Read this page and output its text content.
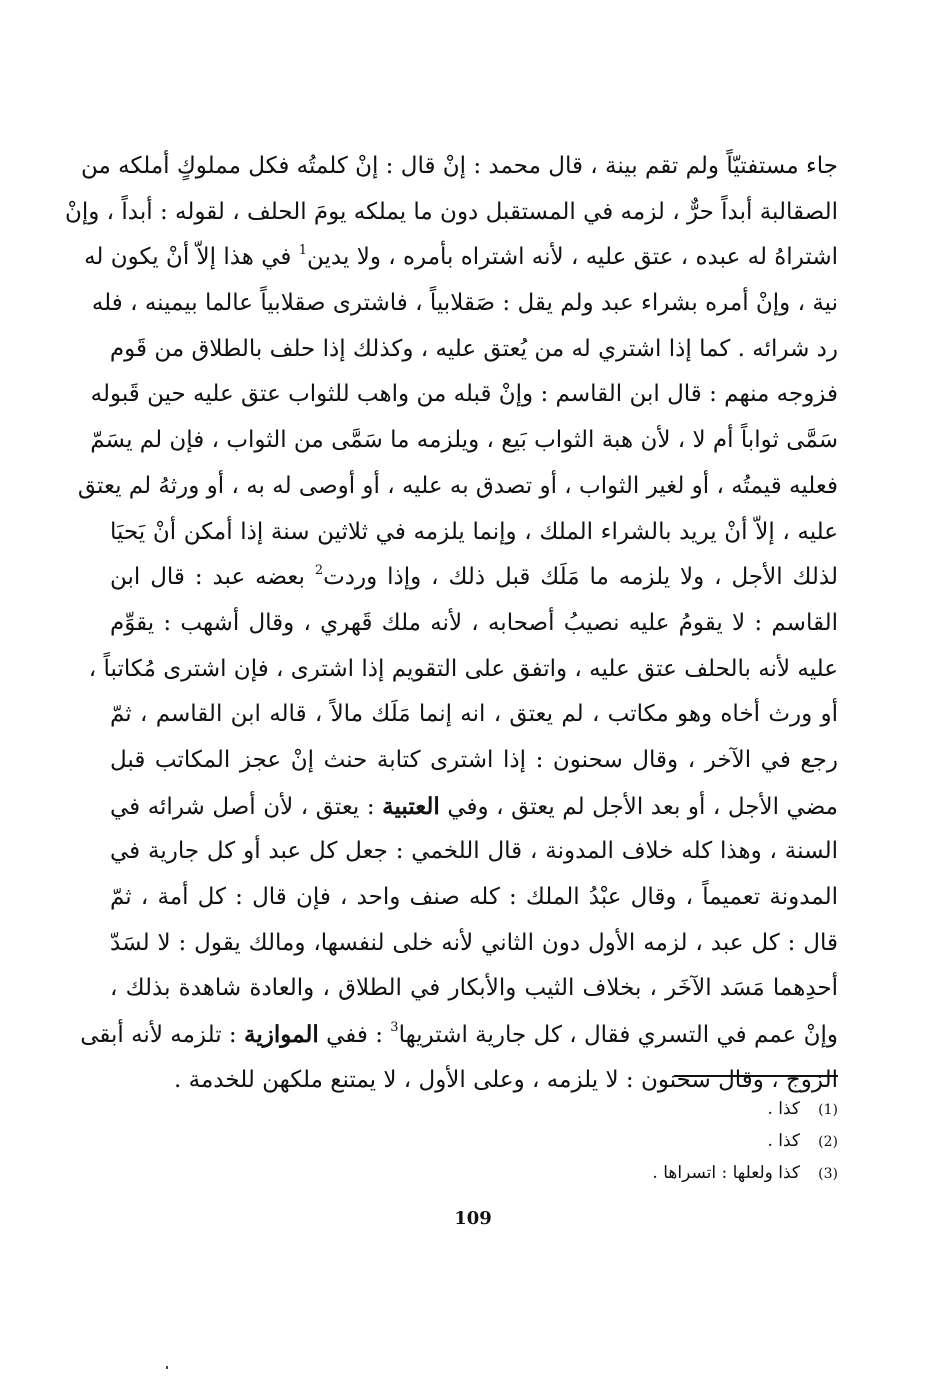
جاء مستفتيّاً ولم تقم بينة ، قال محمد : إنْ قال : إنْ كلمتُه فكل مملوكٍ أملكه من
الصقالبة أبداً حرٌّ ، لزمه في المستقبل دون ما يملكه يومَ الحلف ، لقوله : أبداً ، وإنْ
اشتراهُ له عبده ، عتق عليه ، لأنه اشتراه بأمره ، ولا يدين$^1$ في هذا إلاّ أنْ يكون له
نية ، وإنْ أمره بشراء عبد ولم يقل : صَقلابياً ، فاشترى صقلابياً عالما بيمينه ، فله
رد شرائه . كما إذا اشتري له من يُعتق عليه ، وكذلك إذا حلف بالطلاق من قَوم
فزوجه منهم : قال ابن القاسم : وإنْ قبله من واهب للثواب عتق عليه حين قَبوله
سَمَّى ثواباً أم لا ، لأن هبة الثواب بَيع ، ويلزمه ما سَمَّى من الثواب ، فإن لم يسَمّ
فعليه قيمتُه ، أو لغير الثواب ، أو تصدق به عليه ، أو أوصى له به ، أو ورثهُ لم يعتق
عليه ، إلاّ أنْ يريد بالشراء الملك ، وإنما يلزمه في ثلاثين سنة إذا أمكن أنْ يَحيَا
لذلك الأجل ، ولا يلزمه ما مَلَك قبل ذلك ، وإذا وردت$^2$ بعضه عبد : قال ابن
القاسم : لا يقومُ عليه نصيبُ أصحابه ، لأنه ملك قَهري ، وقال أشهب : يقوِّم
عليه لأنه بالحلف عتق عليه ، واتفق على التقويم إذا اشترى ، فإن اشترى مُكاتباً ،
أو ورث أخاه وهو مكاتب ، لم يعتق ، انه إنما مَلَك مالاً ، قاله ابن القاسم ، ثمّ
رجع في الآخر ، وقال سحنون : إذا اشترى كتابة حنث إنْ عجز المكاتب قبل
مضي الأجل ، أو بعد الأجل لم يعتق ، وفي العتبية : يعتق ، لأن أصل شرائه في
السنة ، وهذا كله خلاف المدونة ، قال اللخمي : جعل كل عبد أو كل جارية في
المدونة تعميماً ، وقال عبْدُ الملك : كله صنف واحد ، فإن قال : كل أمة ، ثمّ
قال : كل عبد ، لزمه الأول دون الثاني لأنه خلى لنفسها، ومالك يقول : لا لسَدّ
أحدِهما مَسَد الآخَر ، بخلاف الثيب والأبكار في الطلاق ، والعادة شاهدة بذلك ،
وإنْ عمم في التسري فقال ، كل جارية اشتريها$^3$ : ففي الموازية : تلزمه لأنه أبقى
الزوج ، وقال سحنون : لا يلزمه ، وعلى الأول ، لا يمتنع ملكهن للخدمة .
(1)
كذا .
(2)
كذا .
(3)
كذا ولعلها : اتسراها .
109
